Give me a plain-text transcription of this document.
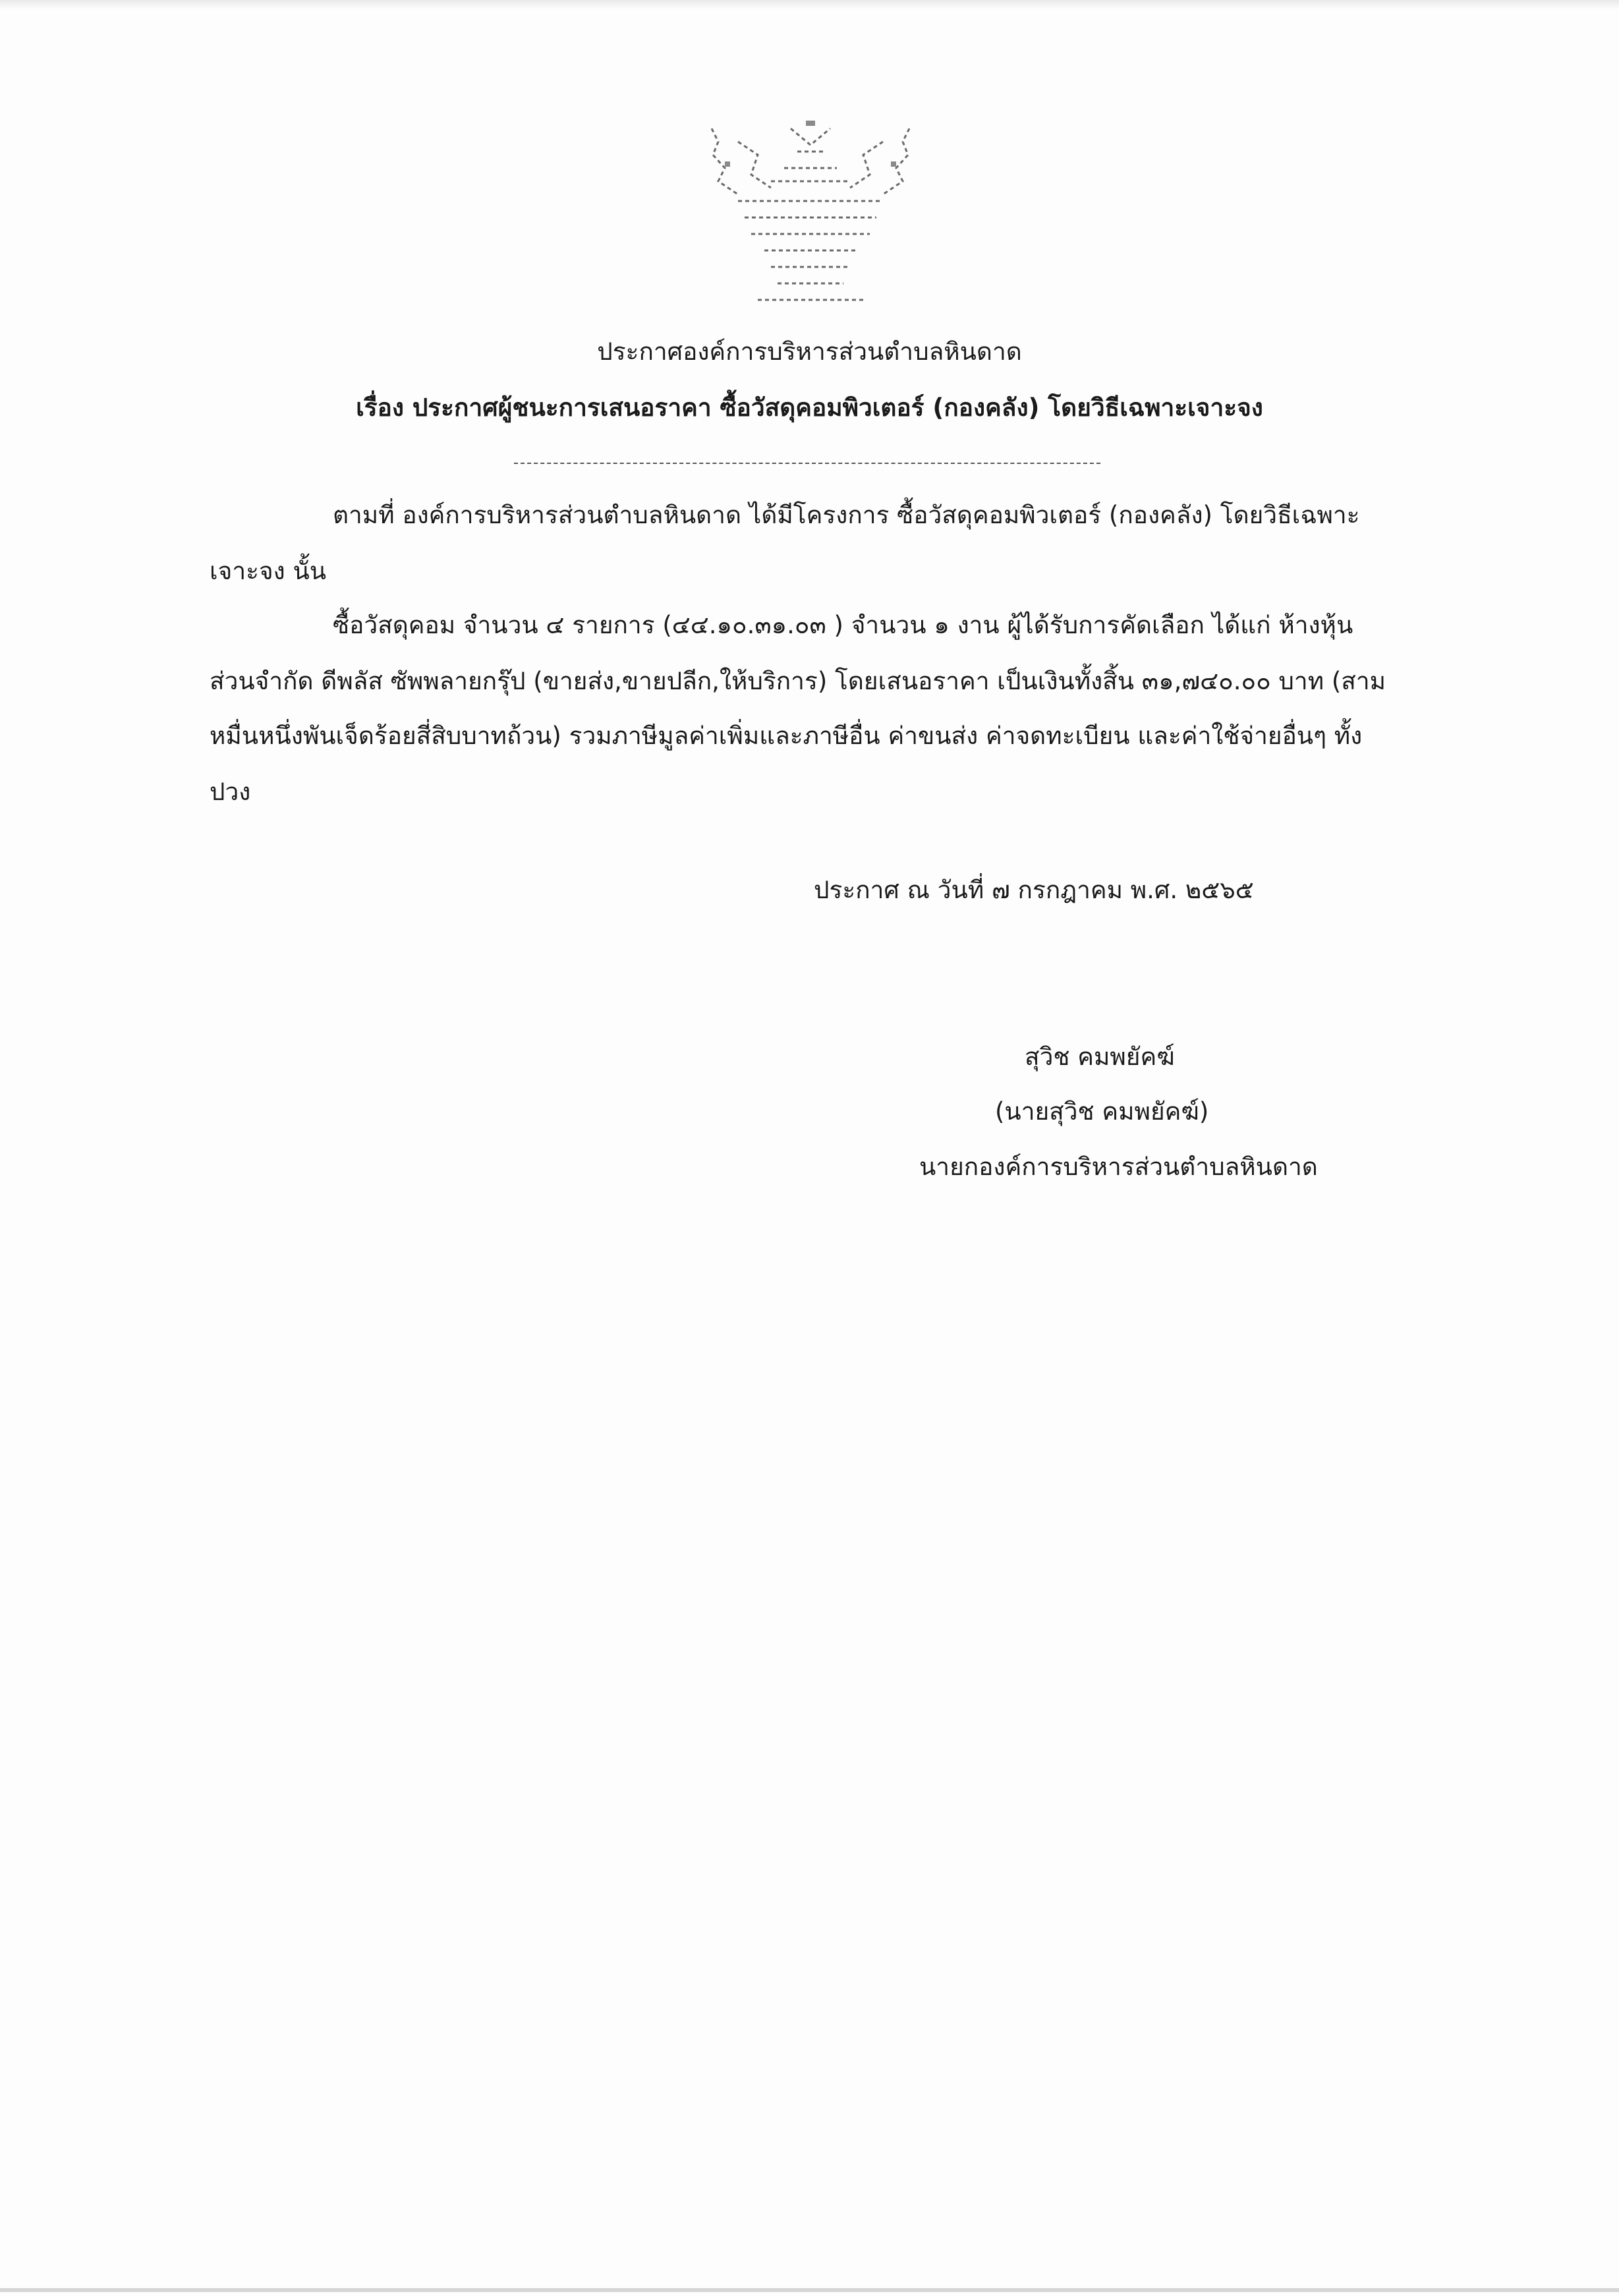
ประกาศองค์การบริหารส่วนตำบลหินดาด
เรื่อง ประกาศผู้ชนะการเสนอราคา ซื้อวัสดุคอมพิวเตอร์ (กองคลัง) โดยวิธีเฉพาะเจาะจง
ตามที่ องค์การบริหารส่วนตำบลหินดาด ได้มีโครงการ ซื้อวัสดุคอมพิวเตอร์ (กองคลัง) โดยวิธีเฉพาะ
เจาะจง นั้น
ซื้อวัสดุคอม จำนวน ๔ รายการ (๔๔.๑๐.๓๑.๐๓ ) จำนวน ๑ งาน ผู้ได้รับการคัดเลือก ได้แก่ ห้างหุ้น
ส่วนจำกัด ดีพลัส ซัพพลายกรุ๊ป (ขายส่ง,ขายปลีก,ให้บริการ) โดยเสนอราคา เป็นเงินทั้งสิ้น ๓๑,๗๔๐.๐๐ บาท (สาม
หมื่นหนึ่งพันเจ็ดร้อยสี่สิบบาทถ้วน) รวมภาษีมูลค่าเพิ่มและภาษีอื่น ค่าขนส่ง ค่าจดทะเบียน และค่าใช้จ่ายอื่นๆ ทั้ง
ปวง
ประกาศ ณ วันที่ ๗ กรกฎาคม พ.ศ. ๒๕๖๕
สุวิช คมพยัคฆ์
(นายสุวิช คมพยัคฆ์)
นายกองค์การบริหารส่วนตำบลหินดาด
